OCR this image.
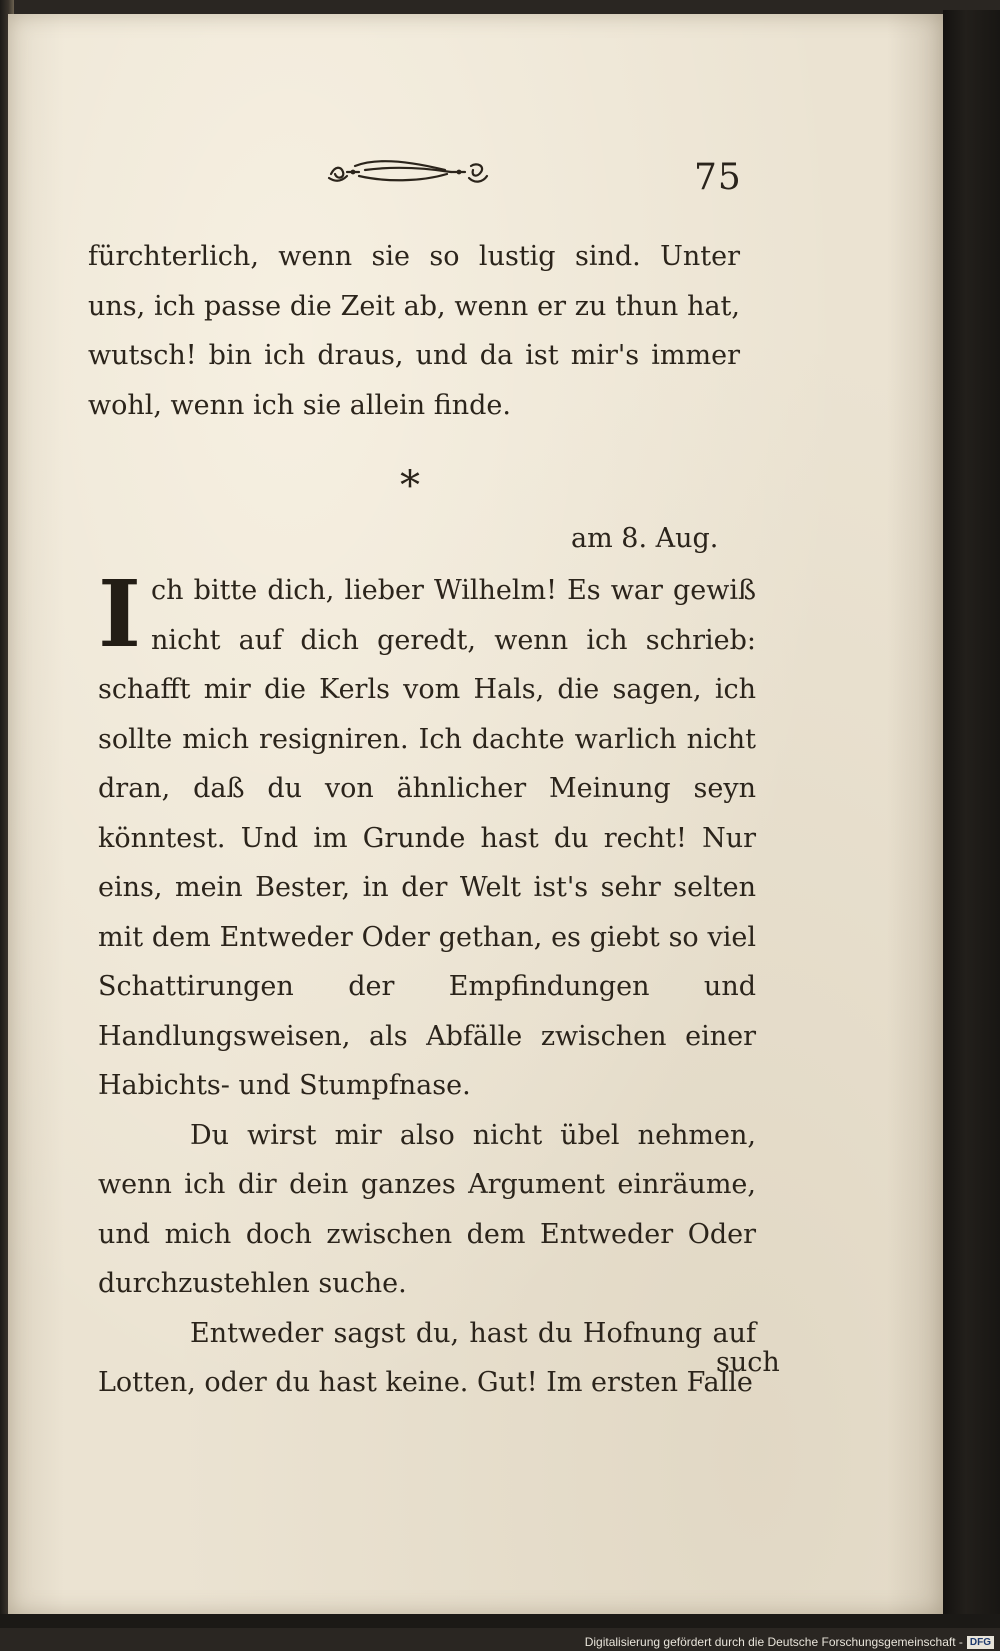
75
fürchterlich, wenn sie so lustig sind. Unter uns, ich passe die Zeit ab, wenn er zu thun hat, wutsch! bin ich draus, und da ist mir's immer wohl, wenn ich sie allein finde.
*
am 8. Aug.

Ich bitte dich, lieber Wilhelm! Es war gewiß nicht auf dich geredt, wenn ich schrieb: schafft mir die Kerls vom Hals, die sagen, ich sollte mich resigniren. Ich dachte warlich nicht dran, daß du von ähnlicher Meinung seyn könntest. Und im Grunde hast du recht! Nur eins, mein Bester, in der Welt ist's sehr selten mit dem Entweder Oder gethan, es giebt so viel Schattirungen der Empfindungen und Handlungsweisen, als Abfälle zwischen einer Habichts- und Stumpfnase.

Du wirst mir also nicht übel nehmen, wenn ich dir dein ganzes Argument einräume, und mich doch zwischen dem Entweder Oder durchzustehlen suche.

Entweder sagst du, hast du Hofnung auf Lotten, oder du hast keine. Gut! Im ersten Falle

such
Digitalisierung gefördert durch die Deutsche Forschungsgemeinschaft - DFG
